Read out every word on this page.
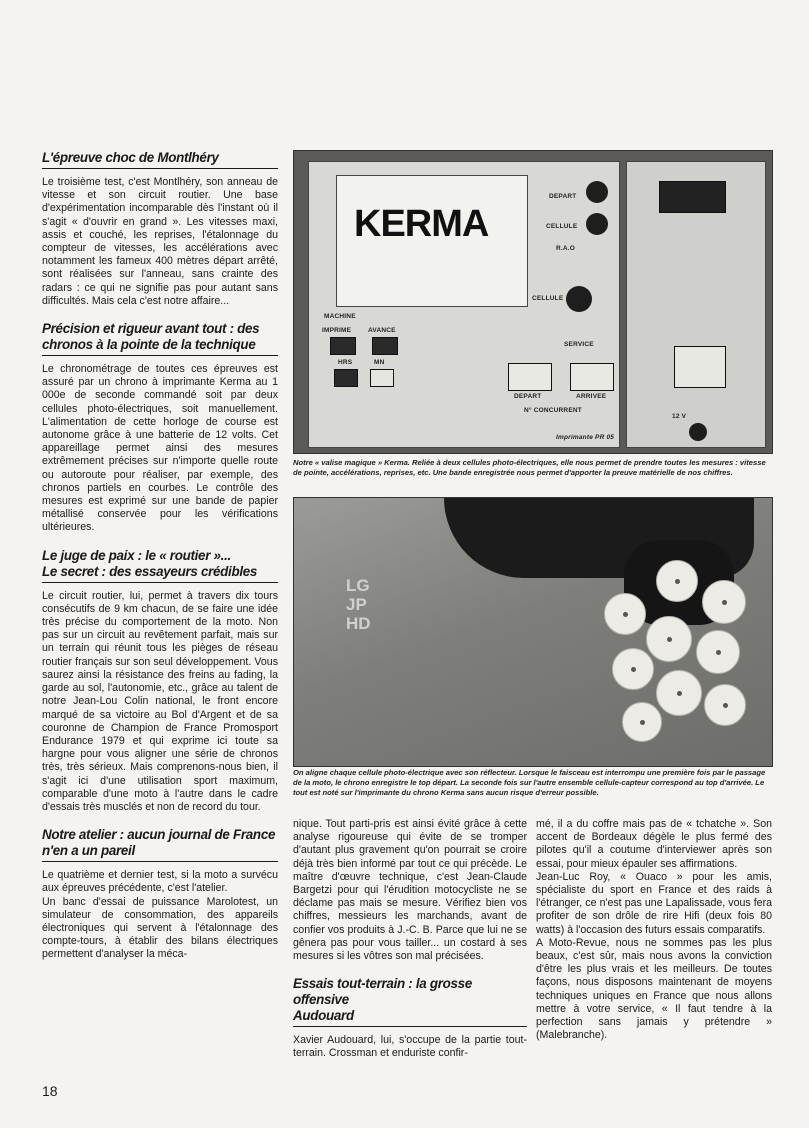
L'épreuve choc de Montlhéry
Le troisième test, c'est Montlhéry, son anneau de vitesse et son circuit routier. Une base d'expérimentation incomparable dès l'instant où il s'agit « d'ouvrir en grand ». Les vitesses maxi, assis et couché, les reprises, l'étalonnage du compteur de vitesses, les accélérations avec notamment les fameux 400 mètres départ arrêté, sont réalisées sur l'anneau, sans crainte des radars : ce qui ne signifie pas pour autant sans difficultés. Mais cela c'est notre affaire...
Précision et rigueur avant tout : des
chronos à la pointe de la technique
Le chronométrage de toutes ces épreuves est assuré par un chrono à imprimante Kerma au 1 000e de seconde commandé soit par deux cellules photo-électriques, soit manuellement. L'alimentation de cette horloge de course est autonome grâce à une batterie de 12 volts. Cet appareillage permet ainsi des mesures extrêmement précises sur n'importe quelle route ou autoroute pour réaliser, par exemple, des chronos partiels en courbes. Le contrôle des mesures est exprimé sur une bande de papier métallisé conservée pour les vérifications ultérieures.
Le juge de paix : le « routier »...
Le secret : des essayeurs crédibles
Le circuit routier, lui, permet à travers dix tours consécutifs de 9 km chacun, de se faire une idée très précise du comportement de la moto. Non pas sur un circuit au revêtement parfait, mais sur un terrain qui réunit tous les pièges de réseau routier français sur son seul développement. Vous saurez ainsi la résistance des freins au fading, la garde au sol, l'autonomie, etc., grâce au talent de notre Jean-Lou Colin national, le front encore marqué de sa victoire au Bol d'Argent et de sa couronne de Champion de France Promosport Endurance 1979 et qui exprime ici toute sa hargne pour vous aligner une série de chronos très, très sérieux. Mais comprenons-nous bien, il s'agit ici d'une utilisation sport maximum, comparable d'une moto à l'autre dans le cadre d'essais très musclés et non de record du tour.
Notre atelier : aucun journal de France
n'en a un pareil
Le quatrième et dernier test, si la moto a survécu aux épreuves précédente, c'est l'atelier.
Un banc d'essai de puissance Marolotest, un simulateur de consommation, des appareils électroniques qui servent à l'étalonnage des compte-tours, à établir des bilans électriques permettent d'analyser la méca-
KERMA
DEPART
CELLULE
R.A.O
CELLULE
MACHINE
IMPRIME	AVANCE
HRS	MN
DEPART	ARRIVEE
N° CONCURRENT
SERVICE
Imprimante PR 05
12 V
Notre « valise magique » Kerma. Reliée à deux cellules photo-électriques, elle nous permet de prendre toutes les mesures : vitesse de pointe, accélérations, reprises, etc. Une bande enregistrée nous permet d'apporter la preuve matérielle de nos chiffres.
LG
JP
HD
On aligne chaque cellule photo-électrique avec son réflecteur. Lorsque le faisceau est interrompu une première fois par le passage de la moto, le chrono enregistre le top départ. La seconde fois sur l'autre ensemble cellule-capteur correspond au top d'arrivée. Le tout est noté sur l'imprimante du chrono Kerma sans aucun risque d'erreur possible.
nique. Tout parti-pris est ainsi évité grâce à cette analyse rigoureuse qui évite de se tromper d'autant plus gravement qu'on pourrait se croire déjà très bien informé par tout ce qui précède. Le maître d'œuvre technique, c'est Jean-Claude Bargetzi pour qui l'érudition motocycliste ne se déclame pas mais se mesure. Vérifiez bien vos chiffres, messieurs les marchands, avant de confier vos produits à J.-C. B. Parce que lui ne se gênera pas pour vous tailler... un costard à ses mesures si les vôtres son mal précisées.
Essais tout-terrain : la grosse offensive
Audouard
Xavier Audouard, lui, s'occupe de la partie tout-terrain. Crossman et enduriste confir-
mé, il a du coffre mais pas de « tchatche ». Son accent de Bordeaux dégèle le plus fermé des pilotes qu'il a coutume d'interviewer après son essai, pour mieux épauler ses affirmations.
Jean-Luc Roy, « Ouaco » pour les amis, spécialiste du sport en France et des raids à l'étranger, ce n'est pas une Lapalissade, vous fera profiter de son drôle de rire Hifi (deux fois 80 watts) à l'occasion des futurs essais comparatifs.
A Moto-Revue, nous ne sommes pas les plus beaux, c'est sûr, mais nous avons la conviction d'être les plus vrais et les meilleurs. De toutes façons, nous disposons maintenant de moyens techniques uniques en France que nous allons mettre à votre service, « Il faut tendre à la perfection sans jamais y prétendre » (Malebranche).
18
